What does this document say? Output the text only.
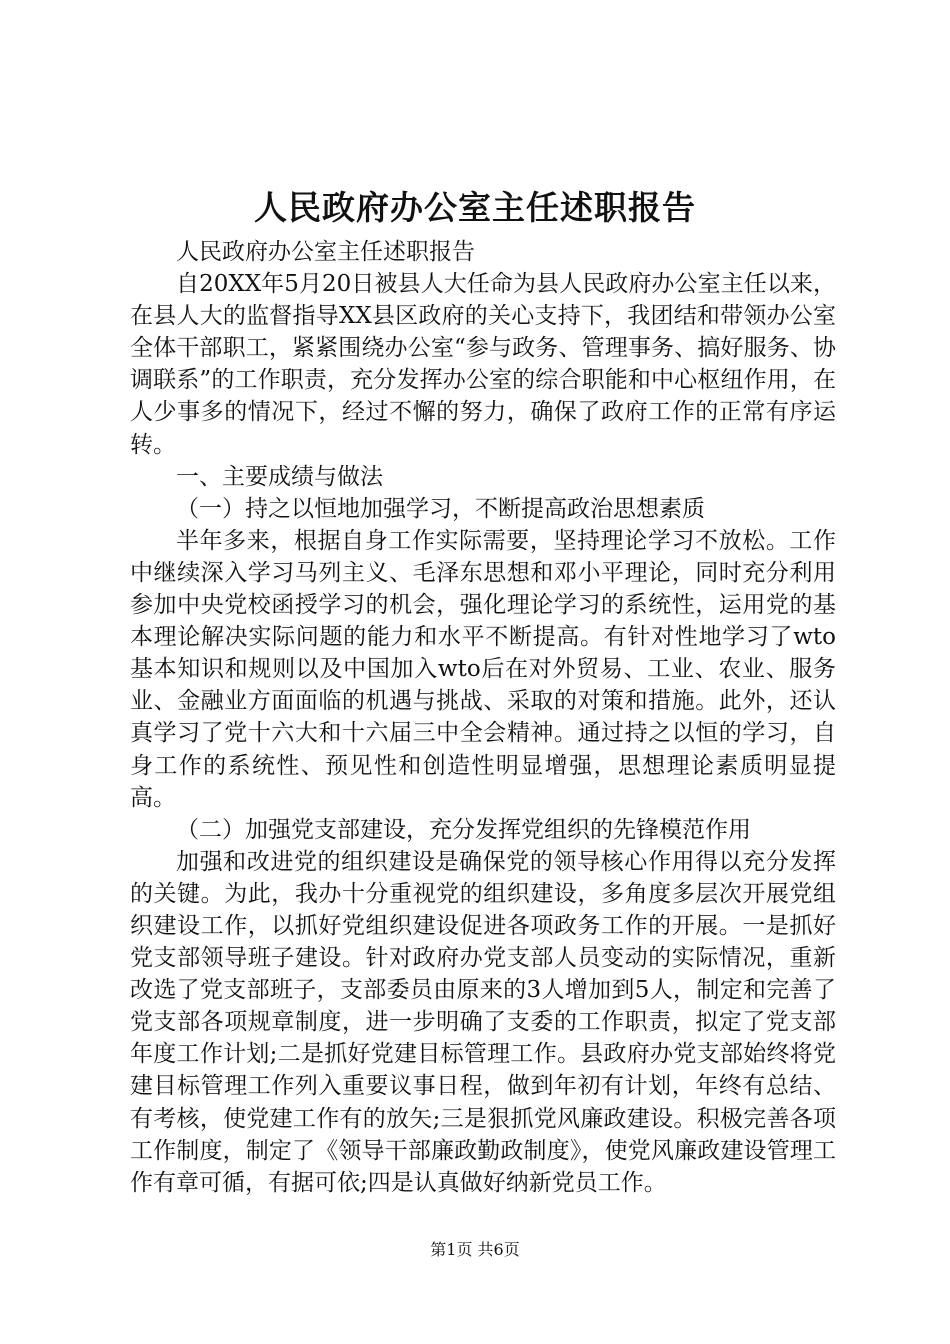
人民政府办公室主任述职报告

人民政府办公室主任述职报告

自20XX年5月20日被县人大任命为县人民政府办公室主任以来，在县人大的监督指导XX县区政府的关心支持下，我团结和带领办公室全体干部职工，紧紧围绕办公室“参与政务、管理事务、搞好服务、协调联系”的工作职责，充分发挥办公室的综合职能和中心枢纽作用，在人少事多的情况下，经过不懈的努力，确保了政府工作的正常有序运转。

一、主要成绩与做法

（一）持之以恒地加强学习，不断提高政治思想素质

半年多来，根据自身工作实际需要，坚持理论学习不放松。工作中继续深入学习马列主义、毛泽东思想和邓小平理论，同时充分利用参加中央党校函授学习的机会，强化理论学习的系统性，运用党的基本理论解决实际问题的能力和水平不断提高。有针对性地学习了wto基本知识和规则以及中国加入wto后在对外贸易、工业、农业、服务业、金融业方面面临的机遇与挑战、采取的对策和措施。此外，还认真学习了党十六大和十六届三中全会精神。通过持之以恒的学习，自身工作的系统性、预见性和创造性明显增强，思想理论素质明显提高。

（二）加强党支部建设，充分发挥党组织的先锋模范作用

加强和改进党的组织建设是确保党的领导核心作用得以充分发挥的关键。为此，我办十分重视党的组织建设，多角度多层次开展党组织建设工作，以抓好党组织建设促进各项政务工作的开展。一是抓好党支部领导班子建设。针对政府办党支部人员变动的实际情况，重新改选了党支部班子，支部委员由原来的3人增加到5人，制定和完善了党支部各项规章制度，进一步明确了支委的工作职责，拟定了党支部年度工作计划;二是抓好党建目标管理工作。县政府办党支部始终将党建目标管理工作列入重要议事日程，做到年初有计划，年终有总结、有考核，使党建工作有的放矢;三是狠抓党风廉政建设。积极完善各项工作制度，制定了《领导干部廉政勤政制度》，使党风廉政建设管理工作有章可循，有据可依;四是认真做好纳新党员工作。

第1页 共6页
